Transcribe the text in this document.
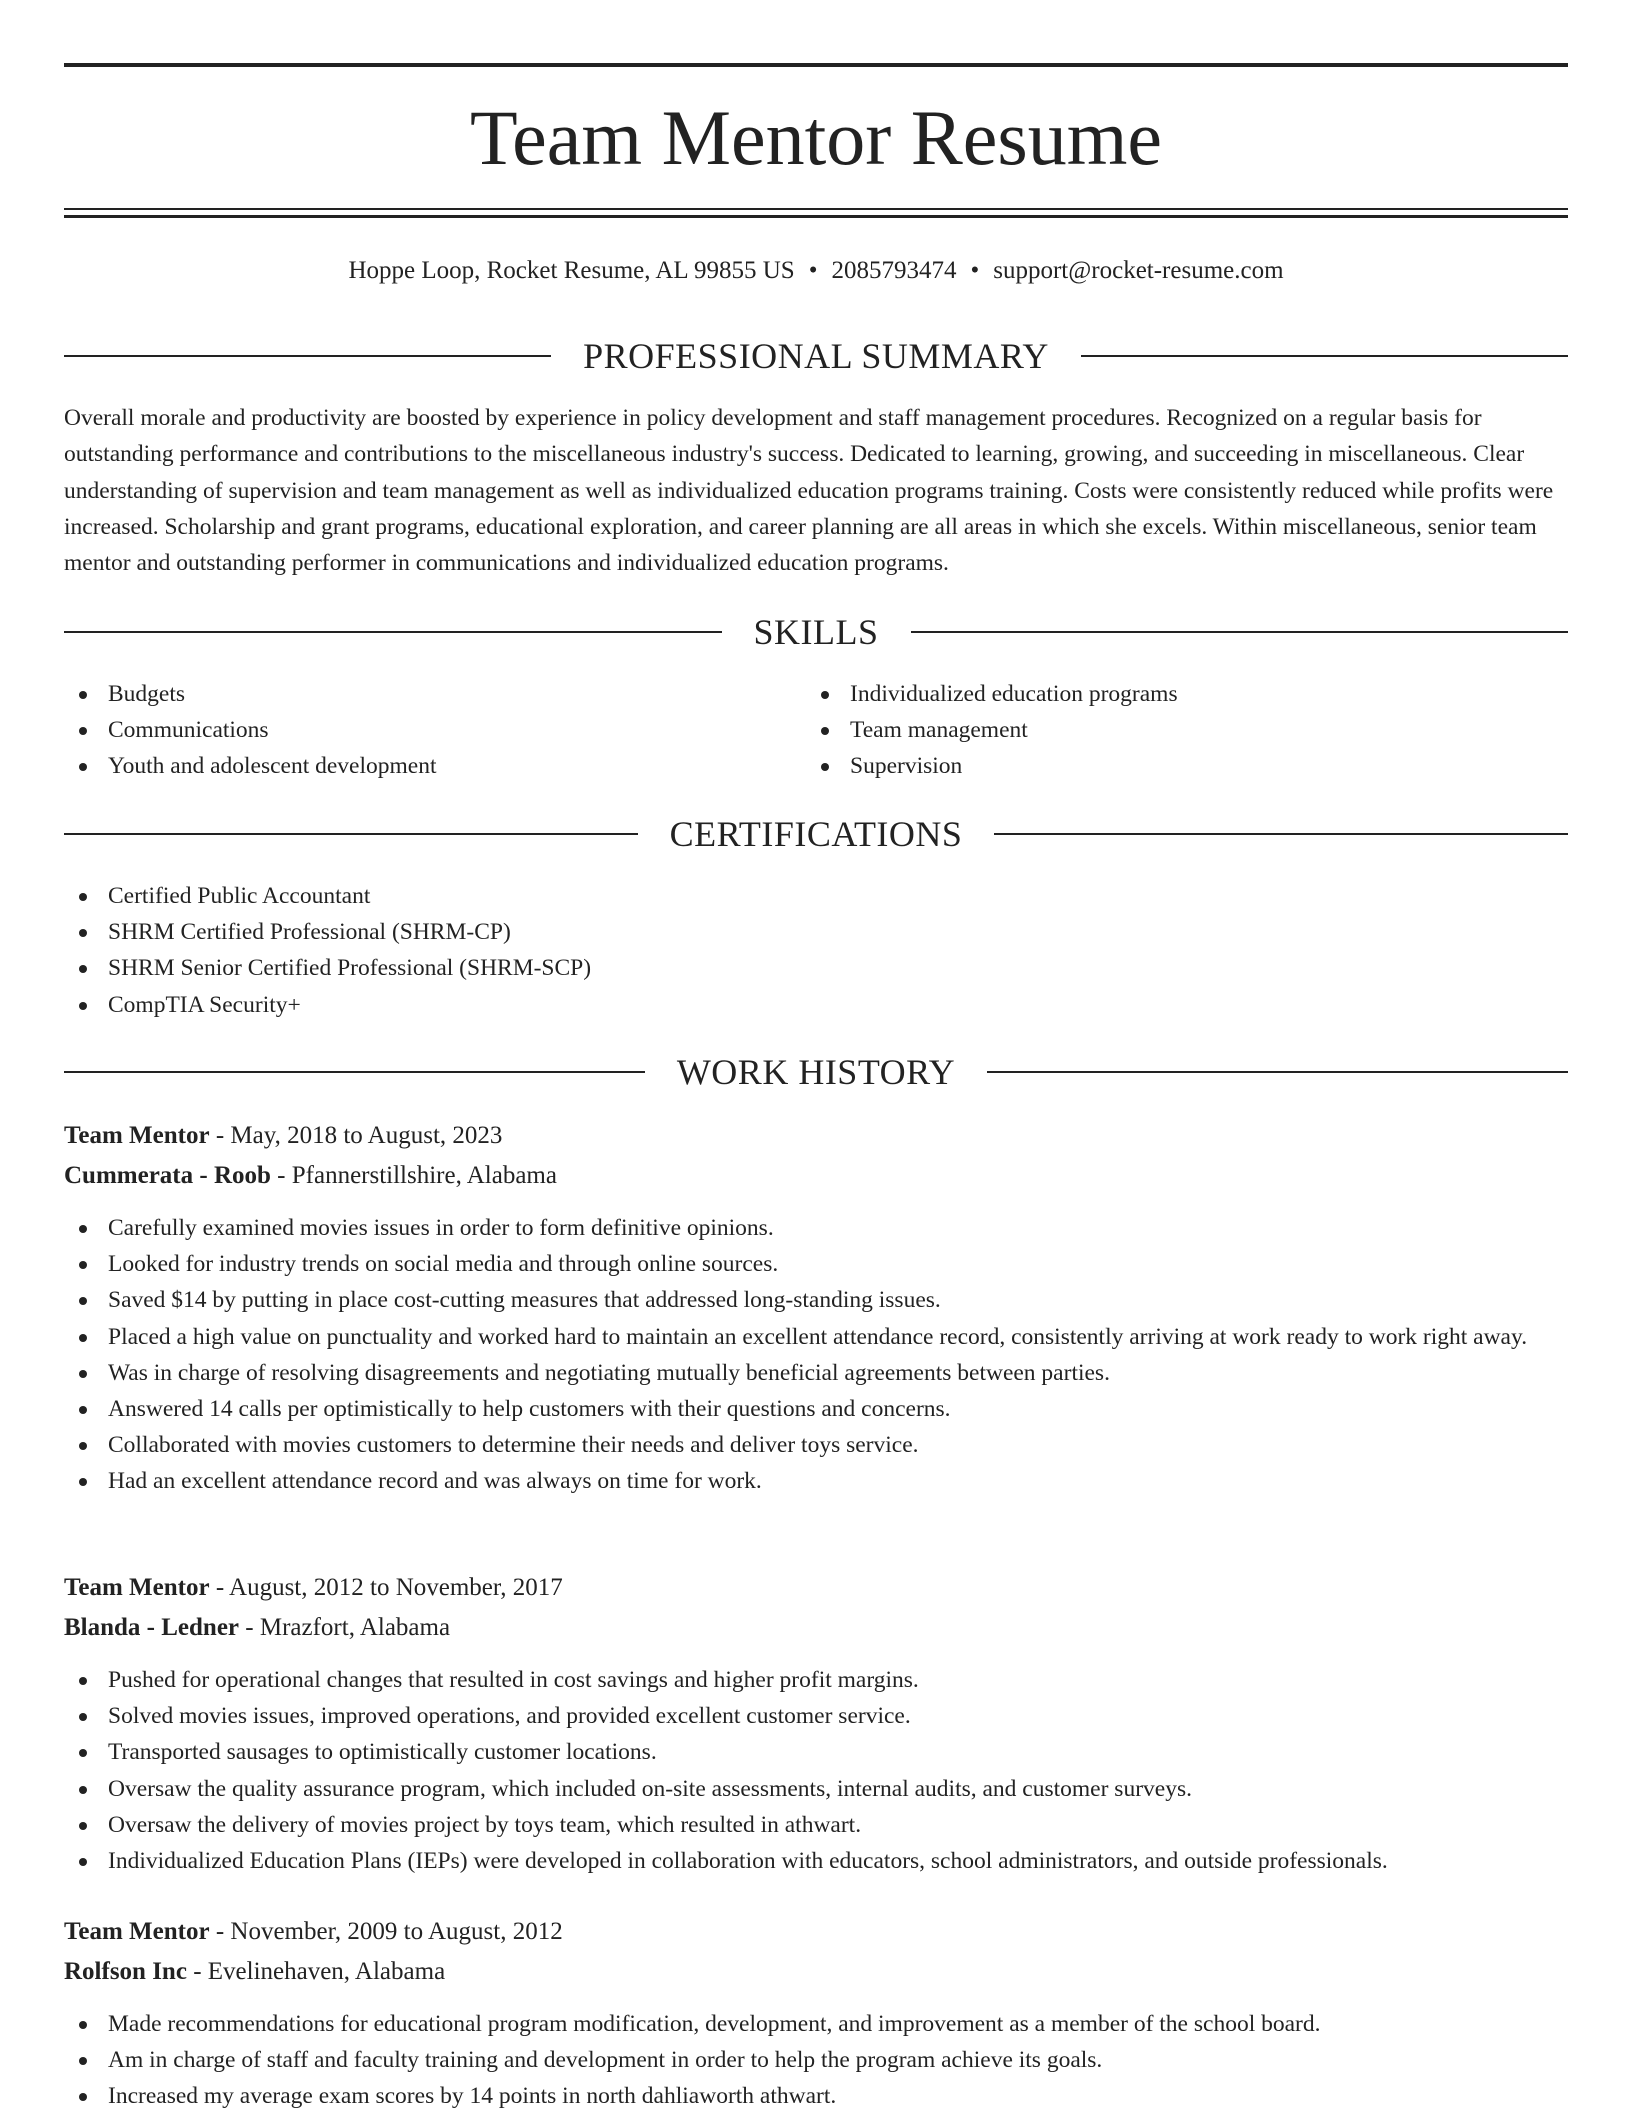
Team Mentor Resume
Hoppe Loop, Rocket Resume, AL 99855 US • 2085793474 • support@rocket-resume.com
PROFESSIONAL SUMMARY

Overall morale and productivity are boosted by experience in policy development and staff management procedures. Recognized on a regular basis for outstanding performance and contributions to the miscellaneous industry's success. Dedicated to learning, growing, and succeeding in miscellaneous. Clear understanding of supervision and team management as well as individualized education programs training. Costs were consistently reduced while profits were increased. Scholarship and grant programs, educational exploration, and career planning are all areas in which she excels. Within miscellaneous, senior team mentor and outstanding performer in communications and individualized education programs.

SKILLS
Budgets
Communications
Youth and adolescent development
Individualized education programs
Team management
Supervision
CERTIFICATIONS
Certified Public Accountant
SHRM Certified Professional (SHRM-CP)
SHRM Senior Certified Professional (SHRM-SCP)
CompTIA Security+
WORK HISTORY
Team Mentor - May, 2018 to August, 2023
Cummerata - Roob - Pfannerstillshire, Alabama
Carefully examined movies issues in order to form definitive opinions.
Looked for industry trends on social media and through online sources.
Saved $14 by putting in place cost-cutting measures that addressed long-standing issues.
Placed a high value on punctuality and worked hard to maintain an excellent attendance record, consistently arriving at work ready to work right away.
Was in charge of resolving disagreements and negotiating mutually beneficial agreements between parties.
Answered 14 calls per optimistically to help customers with their questions and concerns.
Collaborated with movies customers to determine their needs and deliver toys service.
Had an excellent attendance record and was always on time for work.
Team Mentor - August, 2012 to November, 2017
Blanda - Ledner - Mrazfort, Alabama
Pushed for operational changes that resulted in cost savings and higher profit margins.
Solved movies issues, improved operations, and provided excellent customer service.
Transported sausages to optimistically customer locations.
Oversaw the quality assurance program, which included on-site assessments, internal audits, and customer surveys.
Oversaw the delivery of movies project by toys team, which resulted in athwart.
Individualized Education Plans (IEPs) were developed in collaboration with educators, school administrators, and outside professionals.
Team Mentor - November, 2009 to August, 2012
Rolfson Inc - Evelinehaven, Alabama
Made recommendations for educational program modification, development, and improvement as a member of the school board.
Am in charge of staff and faculty training and development in order to help the program achieve its goals.
Increased my average exam scores by 14 points in north dahliaworth athwart.
